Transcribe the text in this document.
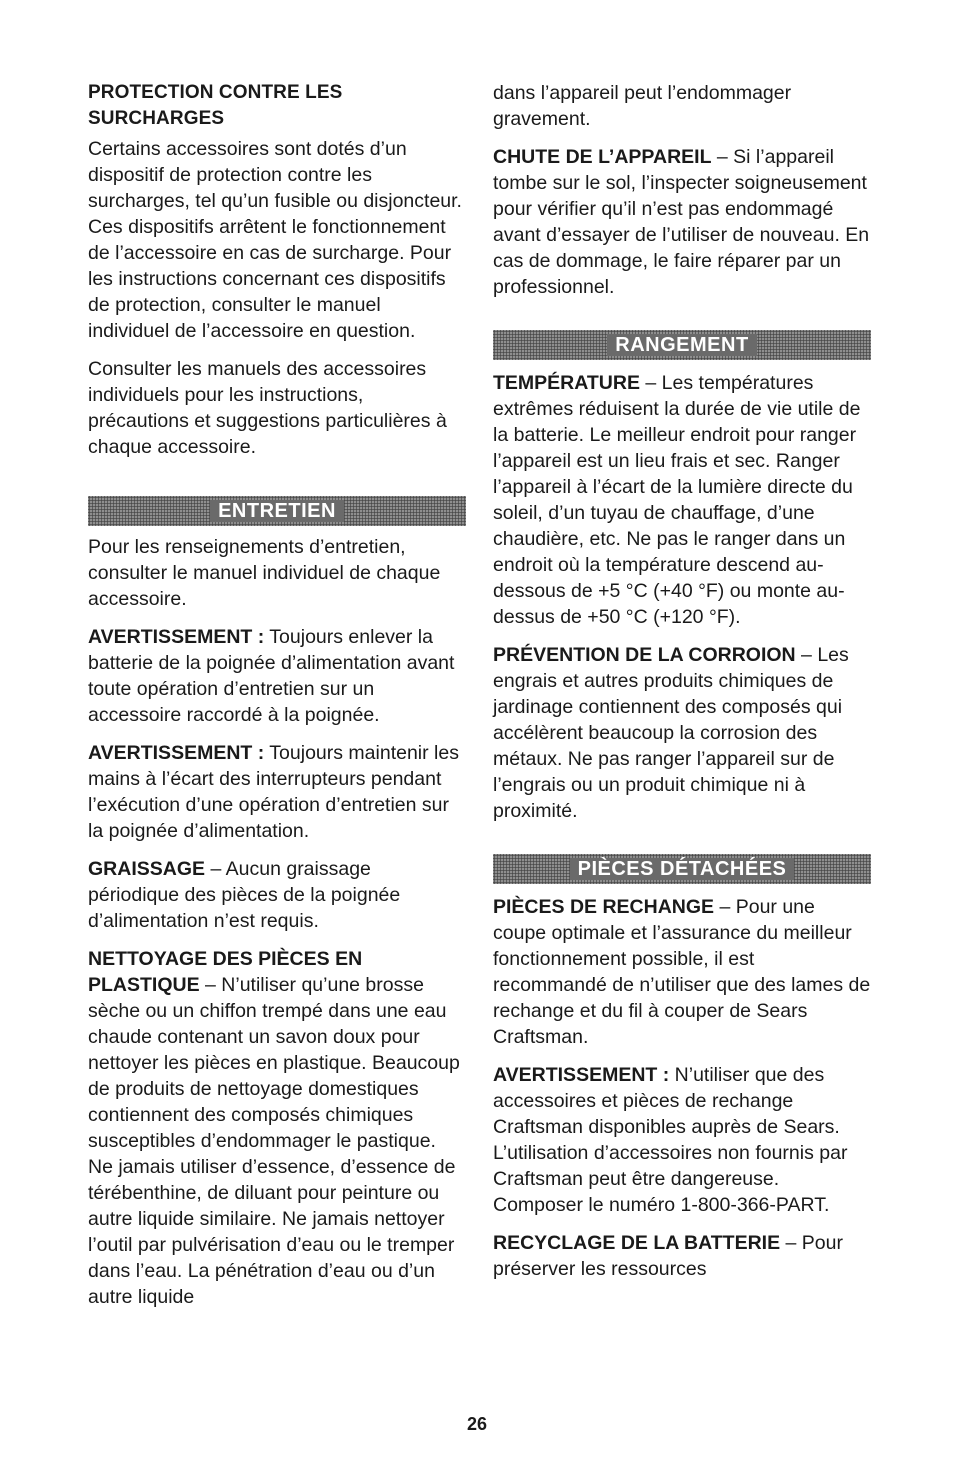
PROTECTION CONTRE LES SURCHARGES

Certains accessoires sont dotés d’un dispositif de protection contre les surcharges, tel qu’un fusible ou disjoncteur. Ces dispositifs arrêtent le fonctionnement de l’accessoire en cas de surcharge. Pour les instructions concernant ces dispositifs de protection, consulter le manuel individuel de l’accessoire en question.

Consulter les manuels des accessoires individuels pour les instructions, précautions et suggestions particulières à chaque accessoire.

ENTRETIEN

Pour les renseignements d’entretien, consulter le manuel individuel de chaque accessoire.

AVERTISSEMENT : Toujours enlever la batterie de la poignée d’alimentation avant toute opération d’entretien sur un accessoire raccordé à la poignée.

AVERTISSEMENT : Toujours maintenir les mains à l’écart des interrupteurs pendant l’exécution d’une opération d’entretien sur la poignée d’alimentation.

GRAISSAGE – Aucun graissage périodique des pièces de la poignée d’alimentation n’est requis.

NETTOYAGE DES PIÈCES EN PLASTIQUE – N’utiliser qu’une brosse sèche ou un chiffon trempé dans une eau chaude contenant un savon doux pour nettoyer les pièces en plastique. Beaucoup de produits de nettoyage domestiques contiennent des composés chimiques susceptibles d’endommager le pastique. Ne jamais utiliser d’essence, d’essence de térébenthine, de diluant pour peinture ou autre liquide similaire. Ne jamais nettoyer l’outil par pulvérisation d’eau ou le tremper dans l’eau. La pénétration d’eau ou d’un autre liquide

dans l’appareil peut l’endommager gravement.

CHUTE DE L’APPAREIL – Si l’appareil tombe sur le sol, l’inspecter soigneusement pour vérifier qu’il n’est pas endommagé avant d’essayer de l’utiliser de nouveau. En cas de dommage, le faire réparer par un professionnel.

RANGEMENT

TEMPÉRATURE – Les températures extrêmes réduisent la durée de vie utile de la batterie. Le meilleur endroit pour ranger l’appareil est un lieu frais et sec. Ranger l’appareil à l’écart de la lumière directe du soleil, d’un tuyau de chauffage, d’une chaudière, etc. Ne pas le ranger dans un endroit où la température descend au-dessous de +5 °C (+40 °F) ou monte au-dessus de +50 °C (+120 °F).

PRÉVENTION DE LA CORROION – Les engrais et autres produits chimiques de jardinage contiennent des composés qui accélèrent beaucoup la corrosion des métaux. Ne pas ranger l’appareil sur de l’engrais ou un produit chimique ni à proximité.

PIÈCES DÉTACHÉES

PIÈCES DE RECHANGE – Pour une coupe optimale et l’assurance du meilleur fonctionnement possible, il est recommandé de n’utiliser que des lames de rechange et du fil à couper de Sears Craftsman.

AVERTISSEMENT : N’utiliser que des accessoires et pièces de rechange Craftsman disponibles auprès de Sears. L’utilisation d’accessoires non fournis par Craftsman peut être dangereuse. Composer le numéro 1-800-366-PART.

RECYCLAGE DE LA BATTERIE – Pour préserver les ressources

26
